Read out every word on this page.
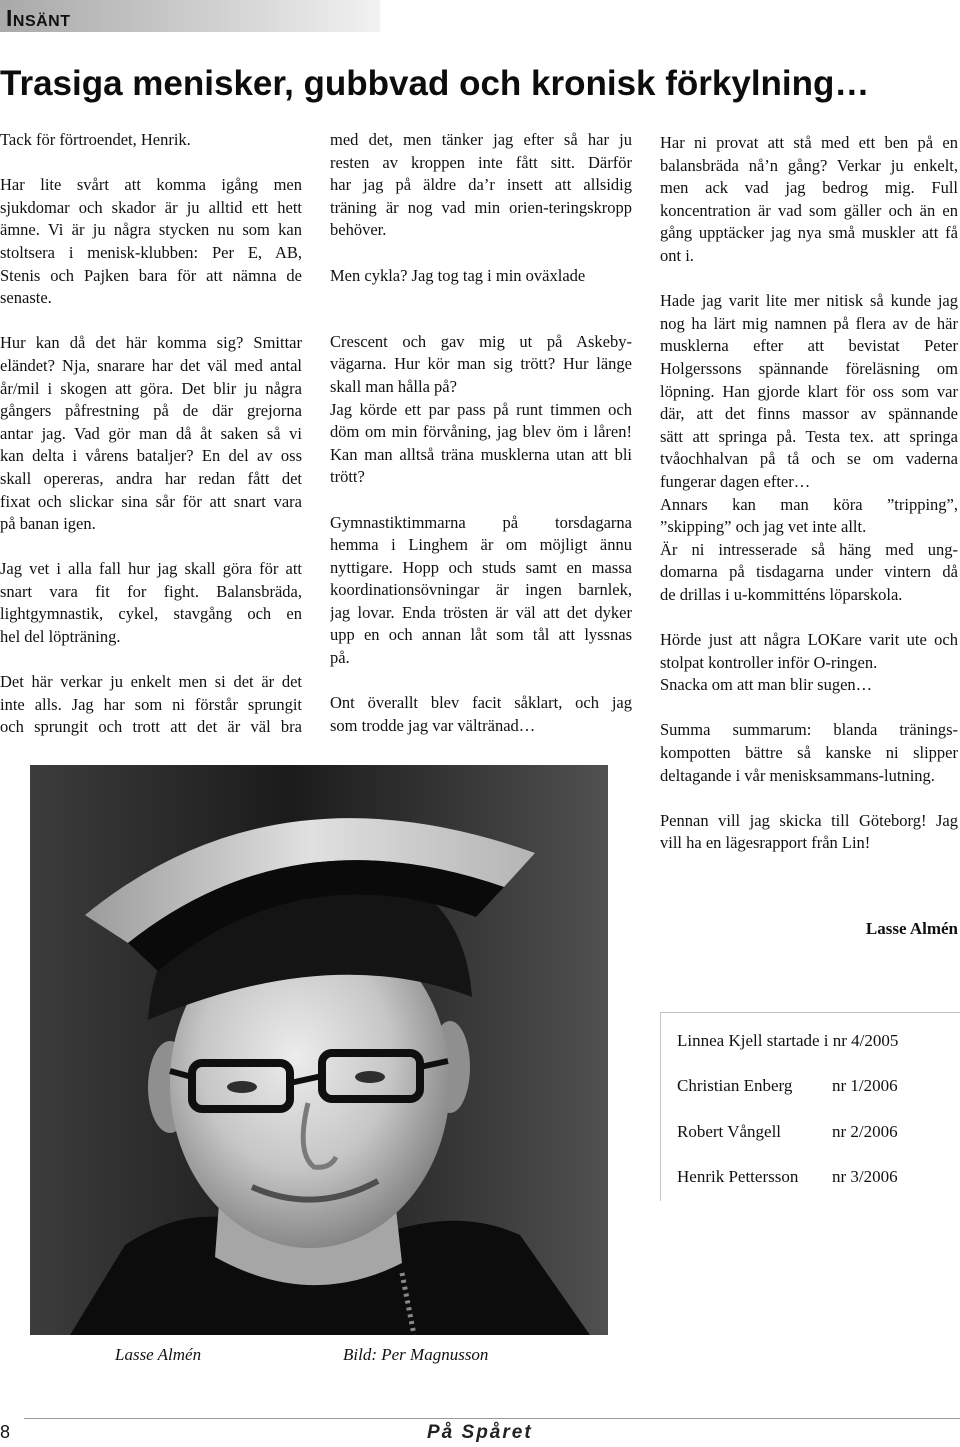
INSÄNT
Trasiga menisker, gubbvad och kronisk förkylning…
Tack för förtroendet, Henrik.
Har lite svårt att komma igång men
sjukdomar och skador är ju alltid ett hett
ämne. Vi är ju några stycken nu som kan
stoltsera i menisk-klubben: Per E, AB,
Stenis och Pajken bara för att nämna de
senaste.
Hur kan då det här komma sig? Smittar
eländet? Nja, snarare har det väl med antal
år/mil i skogen att göra. Det blir ju några
gångers påfrestning på de där grejorna
antar jag. Vad gör man då åt saken så vi
kan delta i vårens bataljer? En del av oss
skall opereras, andra har redan fått det
fixat och slickar sina sår för att snart vara
på banan igen.
Jag vet i alla fall hur jag skall göra för att
snart vara fit for fight. Balansbräda,
lightgymnastik, cykel, stavgång och en
hel del löpträning.
Det här verkar ju enkelt men si det är det
inte alls. Jag har som ni förstår sprungit
och sprungit och trott att det är väl bra
med det, men tänker jag efter så har ju
resten av kroppen inte fått sitt. Därför
har jag på äldre da’r insett att allsidig
träning är nog vad min orien-teringskropp
behöver.
Men cykla? Jag tog tag i min oväxlade
Crescent och gav mig ut på Askeby-
vägarna. Hur kör man sig trött? Hur länge
skall man hålla på?
Jag körde ett par pass på runt timmen och
döm om min förvåning, jag blev öm i låren!
Kan man alltså träna musklerna utan att bli
trött?
Gymnastiktimmarna på torsdagarna
hemma i Linghem är om möjligt ännu
nyttigare. Hopp och studs samt en massa
koordinationsövningar är ingen barnlek,
jag lovar. Enda trösten är väl att det dyker
upp en och annan låt som tål att lyssnas
på.
Ont överallt blev facit såklart, och jag
som trodde jag var vältränad…
Har ni provat att stå med ett ben på en
balansbräda nå’n gång? Verkar ju enkelt,
men ack vad jag bedrog mig. Full
koncentration är vad som gäller och än en
gång upptäcker jag nya små muskler att få
ont i.
Hade jag varit lite mer nitisk så kunde jag
nog ha lärt mig namnen på flera av de här
musklerna efter att bevistat Peter
Holgerssons spännande föreläsning om
löpning. Han gjorde klart för oss som var
där, att det finns massor av spännande
sätt att springa på. Testa tex. att springa
tvåochhalvan på tå och se om vaderna
fungerar dagen efter…
Annars kan man köra ”tripping”,
”skipping” och jag vet inte allt.
Är ni intresserade så häng med ung-
domarna på tisdagarna under vintern då
de drillas i u-kommitténs löparskola.
Hörde just att några LOKare varit ute och
stolpat kontroller inför O-ringen.
Snacka om att man blir sugen…
Summa summarum: blanda tränings-
kompotten bättre så kanske ni slipper
deltagande i vår menisksammans-lutning.
Pennan vill jag skicka till Göteborg! Jag
vill ha en lägesrapport från Lin!
Lasse Almén
Linnea Kjell startade i nr 4/2005
Christian Enberg nr 1/2006
Robert Vångell	nr 2/2006
Henrik Pettersson nr 3/2006
Lasse Almén	Bild: Per Magnusson
8	På Spåret
